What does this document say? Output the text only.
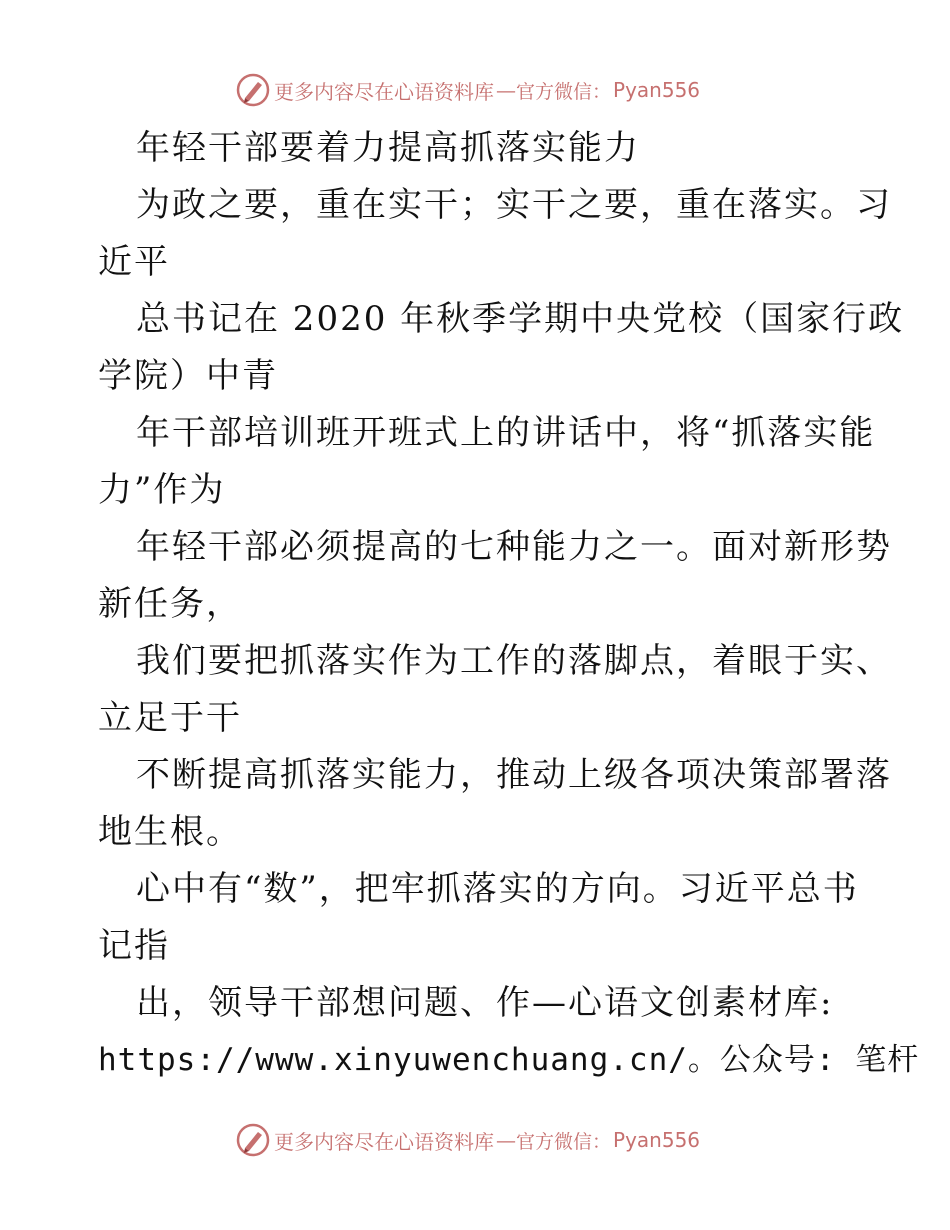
更多内容尽在心语资料库 — 官方微信： Pyan556

年轻干部要着力提高抓落实能力

为政之要，重在实干；实干之要，重在落实。习

近平

总书记在 2020 年秋季学期中央党校（国家行政

学院）中青

年干部培训班开班式上的讲话中，将“抓落实能

力”作为

年轻干部必须提高的七种能力之一。面对新形势

新任务，

我们要把抓落实作为工作的落脚点，着眼于实、

立足于干

不断提高抓落实能力，推动上级各项决策部署落

地生根。

心中有“数”，把牢抓落实的方向。习近平总书

记指

出，领导干部想问题、作—心语文创素材库:

https://www.xinyuwenchuang.cn/。公众号: 笔杆

更多内容尽在心语资料库 — 官方微信： Pyan556
